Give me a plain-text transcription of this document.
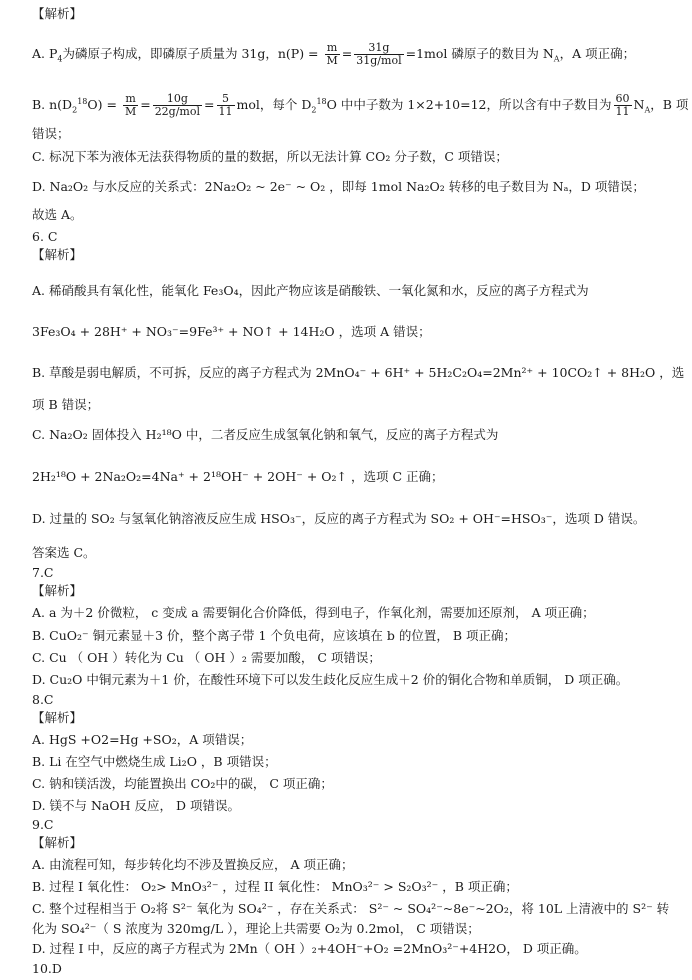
【解析】
A. $P_4$为磷原子构成，即磷原子质量为 31g，$n(P) = \frac{m}{M} = \frac{31g}{\text{31g/mol}} =1mol$ 磷原子的数目为 $N_A$，A 项正确；
B. $n(D_2^{18}O) = \frac{m}{M} = \frac{10g}{\text{22g/mol}} = \frac{5}{11}$ mol，每个 $D_2^{18}O$ 中中子数为 1×2+10=12，所以含有中子数目为 $\frac{60}{11} N_A$，B 项
错误；
C. 标况下苯为液体无法获得物质的量的数据，所以无法计算 CO₂ 分子数，C 项错误；
D. Na₂O₂ 与水反应的关系式：2Na₂O₂ ~ 2e⁻ ~ O₂ ，即每 1mol Na₂O₂ 转移的电子数目为 Nₐ，D 项错误；
故选 A。
6. C
【解析】
A. 稀硝酸具有氧化性，能氧化 Fe₃O₄，因此产物应该是硝酸铁、一氧化氮和水，反应的离子方程式为
3Fe₃O₄ + 28H⁺ + NO₃⁻=9Fe³⁺ + NO↑ + 14H₂O ，选项 A 错误；
B. 草酸是弱电解质，不可拆，反应的离子方程式为 2MnO₄⁻ + 6H⁺ + 5H₂C₂O₄=2Mn²⁺ + 10CO₂↑ + 8H₂O ，选
项 B 错误；
C. Na₂O₂ 固体投入 H₂¹⁸O 中，二者反应生成氢氧化钠和氧气，反应的离子方程式为
2H₂¹⁸O + 2Na₂O₂=4Na⁺ + 2¹⁸OH⁻ + 2OH⁻ + O₂↑ ，选项 C 正确；
D. 过量的 SO₂ 与氢氧化钠溶液反应生成 HSO₃⁻，反应的离子方程式为 SO₂ + OH⁻=HSO₃⁻，选项 D 错误。
答案选 C。
7.C
【解析】
A. a 为＋2 价微粒， c 变成 a 需要铜化合价降低，得到电子，作氧化剂，需要加还原剂， A 项正确；
B. CuO₂⁻ 铜元素显＋3 价，整个离子带 1 个负电荷，应该填在 b 的位置， B 项正确；
C. Cu （ OH ）转化为 Cu （ OH ）₂ 需要加酸， C 项错误；
D. Cu₂O 中铜元素为＋1 价，在酸性环境下可以发生歧化反应生成＋2 价的铜化合物和单质铜， D 项正确。
8.C
【解析】
A. HgS +O2=Hg +SO₂，A 项错误；
B. Li 在空气中燃烧生成 Li₂O ，B 项错误；
C. 钠和镁活泼，均能置换出 CO₂中的碳， C 项正确；
D. 镁不与 NaOH 反应， D 项错误。
9.C
【解析】
A. 由流程可知，每步转化均不涉及置换反应， A 项正确；
B. 过程 I 氧化性： O₂> MnO₃²⁻ ，过程 II 氧化性： MnO₃²⁻ > S₂O₃²⁻ ，B 项正确；
C. 整个过程相当于 O₂将 S²⁻ 氧化为 SO₄²⁻ ，存在关系式： S²⁻ ~ SO₄²⁻~8e⁻~2O₂，将 10L 上清液中的 S²⁻ 转
化为 SO₄²⁻（ S 浓度为 320mg/L ），理论上共需要 O₂为 0.2mol， C 项错误；
D. 过程 I 中，反应的离子方程式为 2Mn（ OH ）₂+4OH⁻+O₂ =2MnO₃²⁻+4H2O， D 项正确。
10.D
